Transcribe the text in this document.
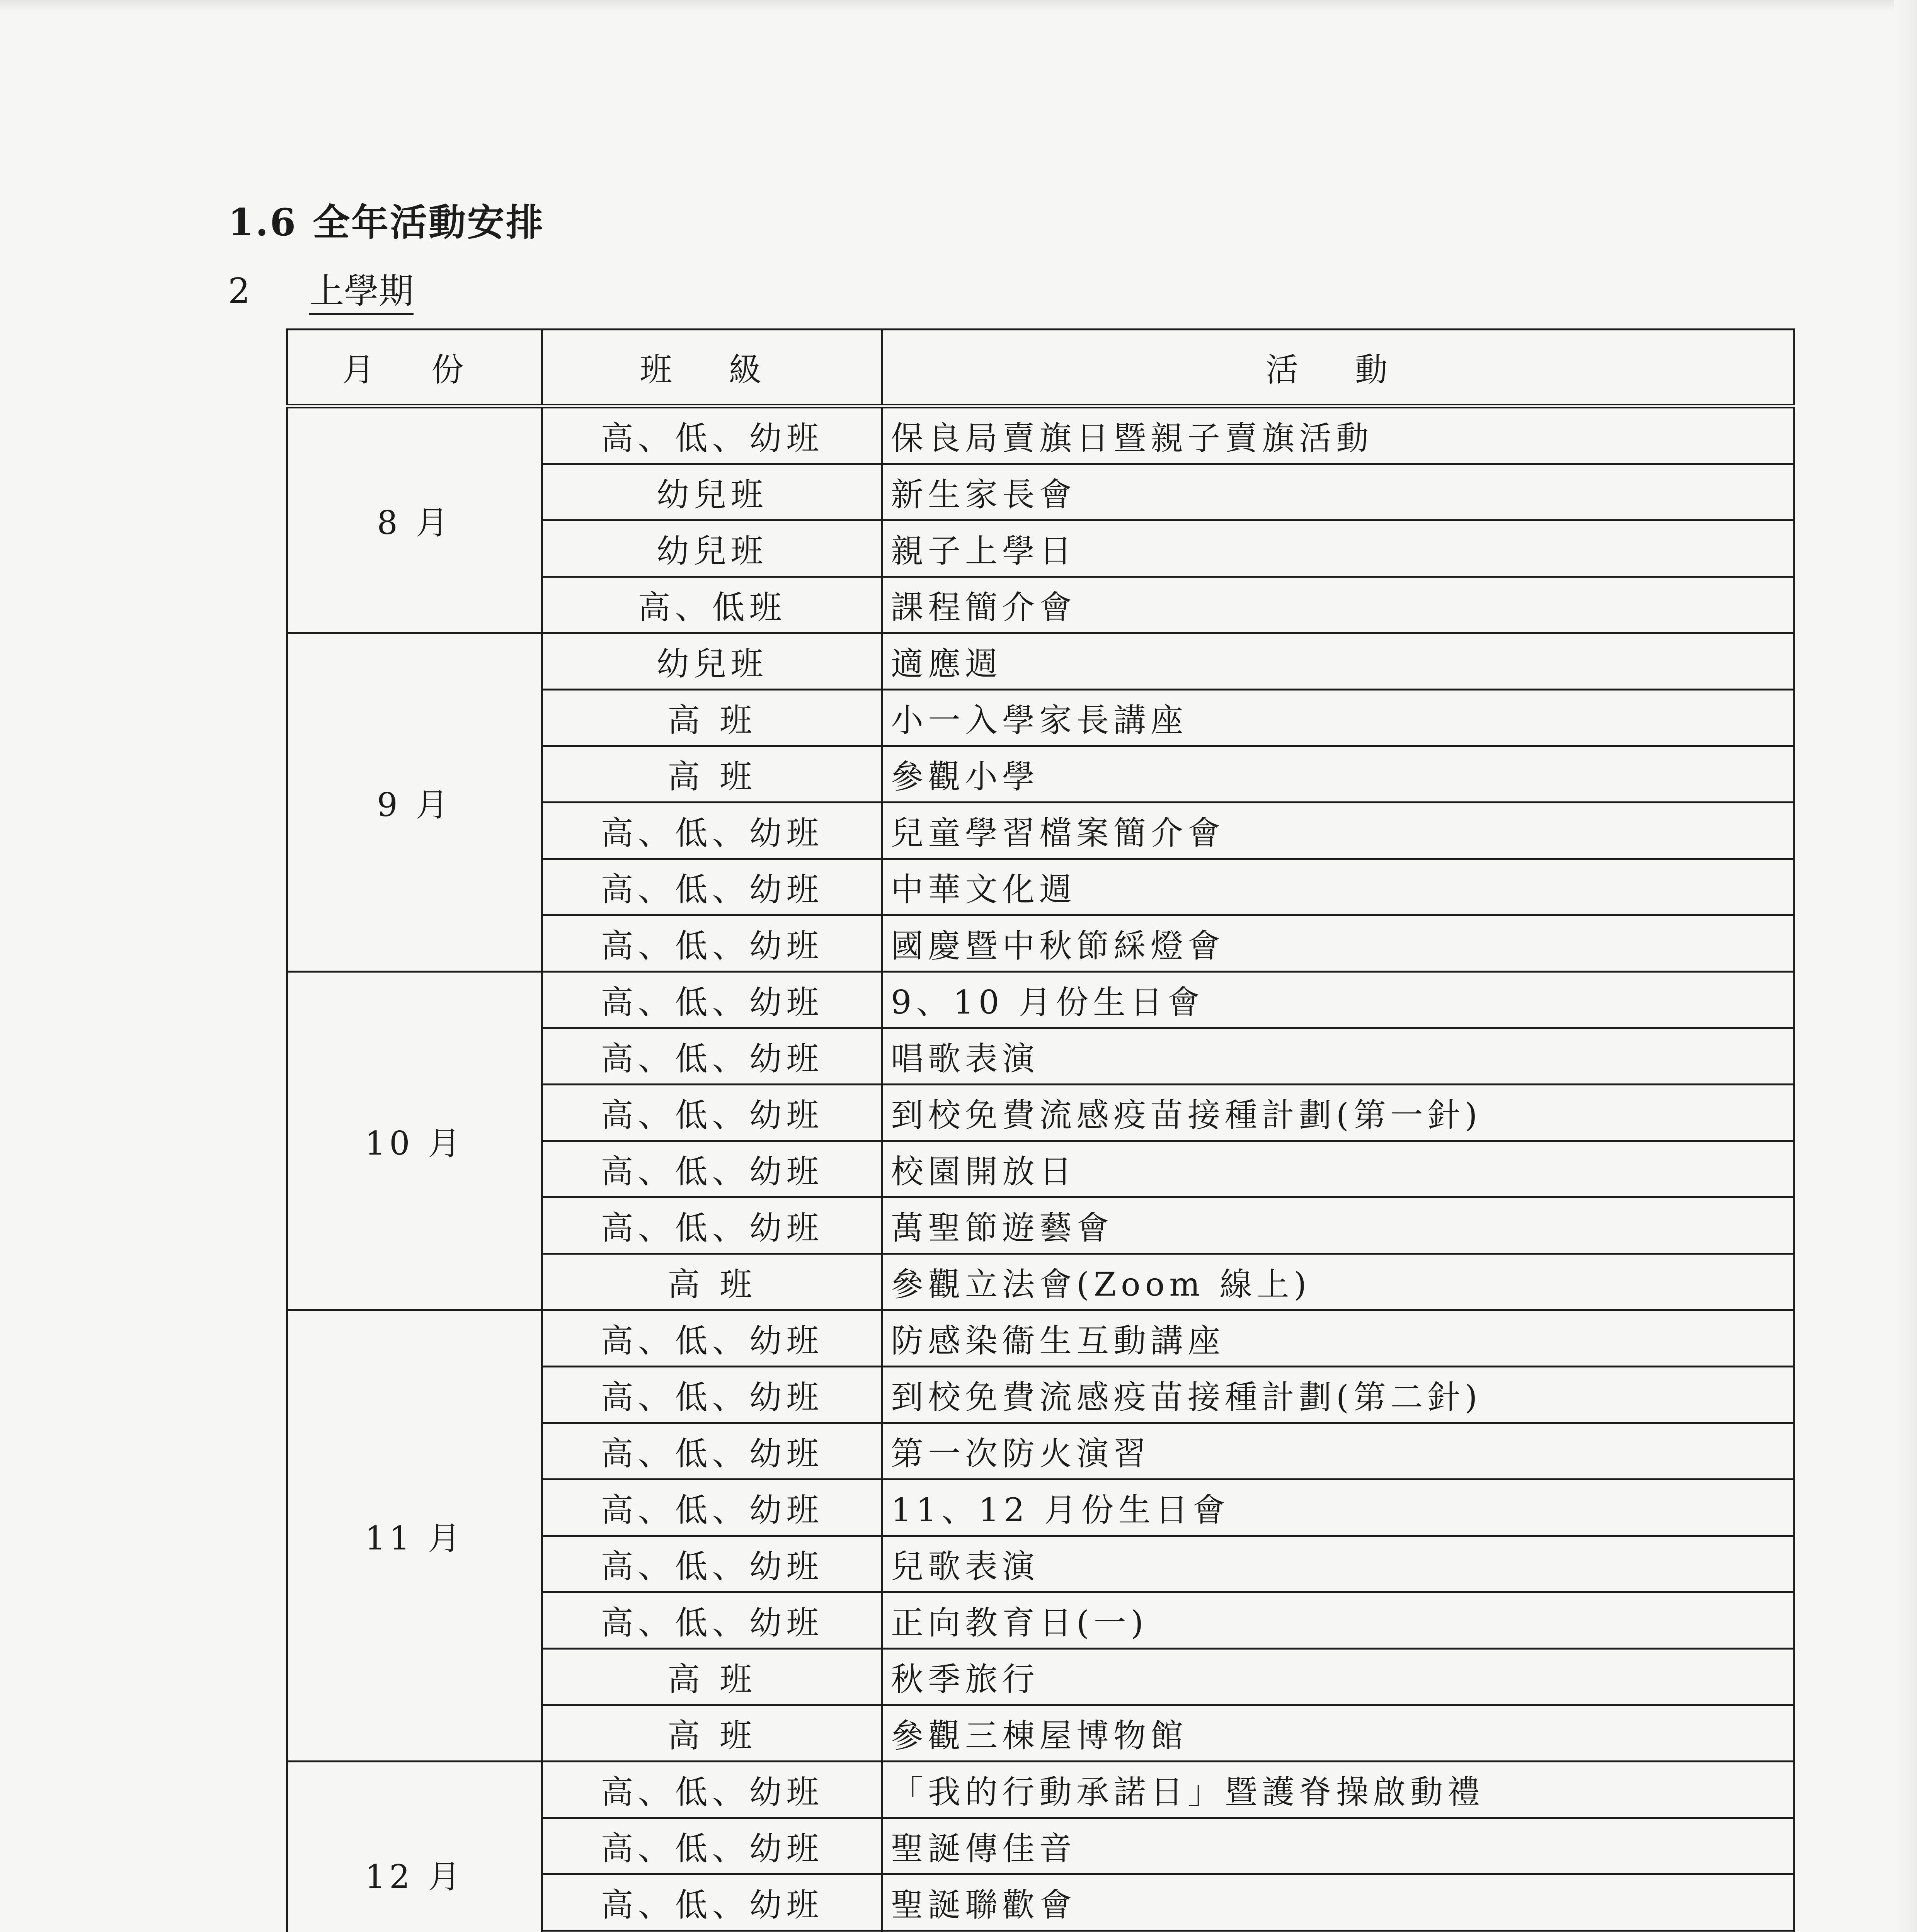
1.6 全年活動安排
2 上學期
月 份	班 級	活 動
8 月	高、低、幼班	保良局賣旗日暨親子賣旗活動
	幼兒班	新生家長會
	幼兒班	親子上學日
	高、低班	課程簡介會
9 月	幼兒班	適應週
	高 班	小一入學家長講座
	高 班	參觀小學
	高、低、幼班	兒童學習檔案簡介會
	高、低、幼班	中華文化週
	高、低、幼班	國慶暨中秋節綵燈會
10 月	高、低、幼班	9、10 月份生日會
	高、低、幼班	唱歌表演
	高、低、幼班	到校免費流感疫苗接種計劃(第一針)
	高、低、幼班	校園開放日
	高、低、幼班	萬聖節遊藝會
	高 班	參觀立法會(Zoom 線上)
11 月	高、低、幼班	防感染衞生互動講座
	高、低、幼班	到校免費流感疫苗接種計劃(第二針)
	高、低、幼班	第一次防火演習
	高、低、幼班	11、12 月份生日會
	高、低、幼班	兒歌表演
	高、低、幼班	正向教育日(一)
	高 班	秋季旅行
	高 班	參觀三棟屋博物館
12 月	高、低、幼班	「我的行動承諾日」暨護脊操啟動禮
	高、低、幼班	聖誕傳佳音
	高、低、幼班	聖誕聯歡會
